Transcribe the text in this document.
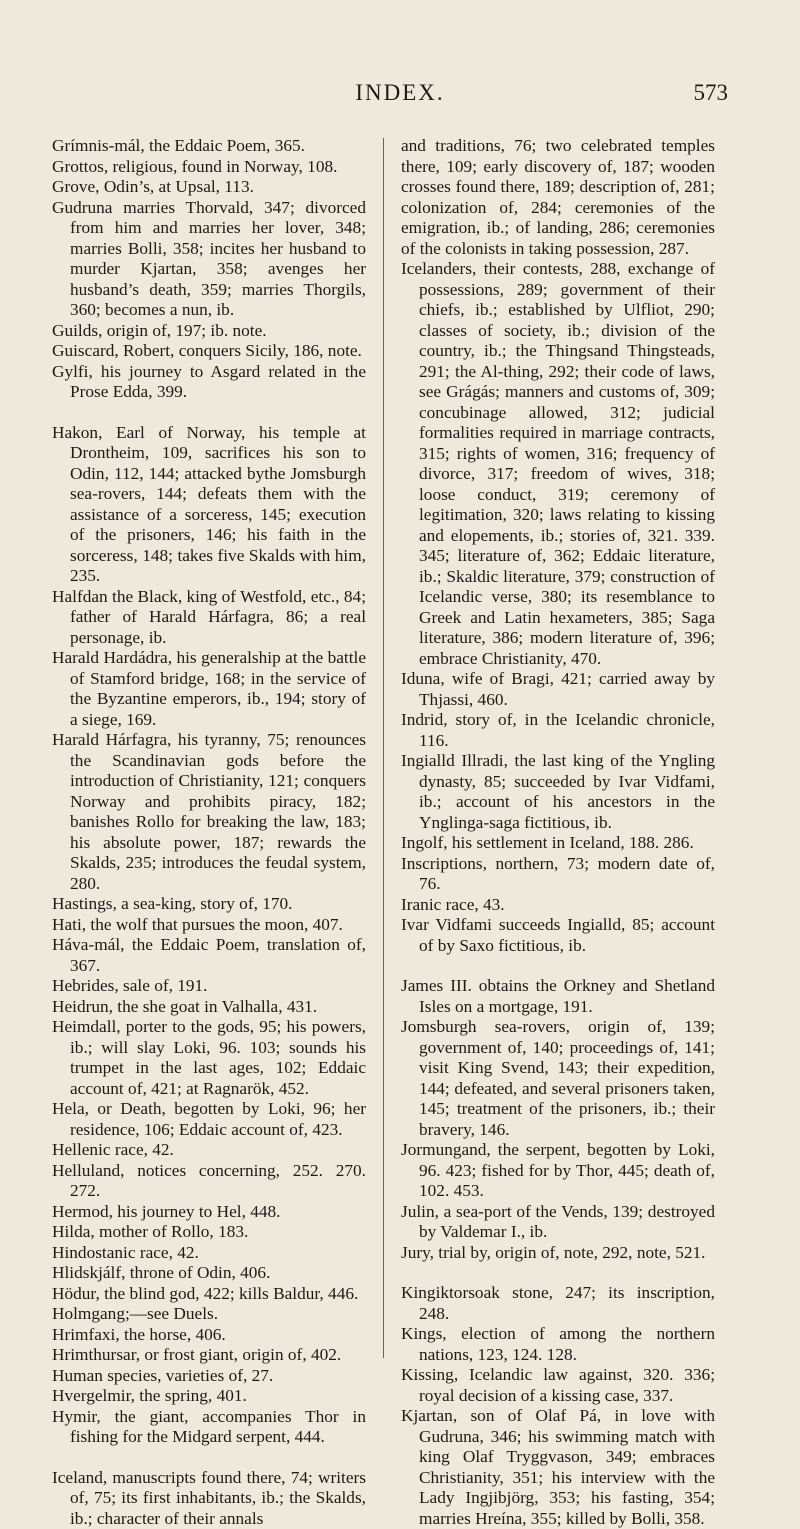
INDEX.	573

Grímnis-mál, the Eddaic Poem, 365.

Grottos, religious, found in Norway, 108.

Grove, Odin’s, at Upsal, 113.

Gudruna marries Thorvald, 347; divorced from him and marries her lover, 348; marries Bolli, 358; incites her husband to murder Kjartan, 358; avenges her husband’s death, 359; marries Thorgils, 360; becomes a nun, ib.

Guilds, origin of, 197; ib. note.

Guiscard, Robert, conquers Sicily, 186, note.

Gylfi, his journey to Asgard related in the Prose Edda, 399.

Hakon, Earl of Norway, his temple at Drontheim, 109, sacrifices his son to Odin, 112, 144; attacked bythe Jomsburgh sea-rovers, 144; defeats them with the assistance of a sorceress, 145; execution of the prisoners, 146; his faith in the sorceress, 148; takes five Skalds with him, 235.

Halfdan the Black, king of Westfold, etc., 84; father of Harald Hárfagra, 86; a real personage, ib.

Harald Hardádra, his generalship at the battle of Stamford bridge, 168; in the service of the Byzantine emperors, ib., 194; story of a siege, 169.

Harald Hárfagra, his tyranny, 75; renounces the Scandinavian gods before the introduction of Christianity, 121; conquers Norway and prohibits piracy, 182; banishes Rollo for breaking the law, 183; his absolute power, 187; rewards the Skalds, 235; introduces the feudal system, 280.

Hastings, a sea-king, story of, 170.

Hati, the wolf that pursues the moon, 407.

Háva-mál, the Eddaic Poem, translation of, 367.

Hebrides, sale of, 191.

Heidrun, the she goat in Valhalla, 431.

Heimdall, porter to the gods, 95; his powers, ib.; will slay Loki, 96. 103; sounds his trumpet in the last ages, 102; Eddaic account of, 421; at Ragnarök, 452.

Hela, or Death, begotten by Loki, 96; her residence, 106; Eddaic account of, 423.

Hellenic race, 42.

Helluland, notices concerning, 252. 270. 272.

Hermod, his journey to Hel, 448.

Hilda, mother of Rollo, 183.

Hindostanic race, 42.

Hlidskjálf, throne of Odin, 406.

Hödur, the blind god, 422; kills Baldur, 446.

Holmgang;—see Duels.

Hrimfaxi, the horse, 406.

Hrimthursar, or frost giant, origin of, 402.

Human species, varieties of, 27.

Hvergelmir, the spring, 401.

Hymir, the giant, accompanies Thor in fishing for the Midgard serpent, 444.

Iceland, manuscripts found there, 74; writers of, 75; its first inhabitants, ib.; the Skalds, ib.; character of their annals

and traditions, 76; two celebrated temples there, 109; early discovery of, 187; wooden crosses found there, 189; description of, 281; colonization of, 284; ceremonies of the emigration, ib.; of landing, 286; ceremonies of the colonists in taking possession, 287.

Icelanders, their contests, 288, exchange of possessions, 289; government of their chiefs, ib.; established by Ulfliot, 290; classes of society, ib.; division of the country, ib.; the Thingsand Thingsteads, 291; the Al-thing, 292; their code of laws, see Grágás; manners and customs of, 309; concubinage allowed, 312; judicial formalities required in marriage contracts, 315; rights of women, 316; frequency of divorce, 317; freedom of wives, 318; loose conduct, 319; ceremony of legitimation, 320; laws relating to kissing and elopements, ib.; stories of, 321. 339. 345; literature of, 362; Eddaic literature, ib.; Skaldic literature, 379; construction of Icelandic verse, 380; its resemblance to Greek and Latin hexameters, 385; Saga literature, 386; modern literature of, 396; embrace Christianity, 470.

Iduna, wife of Bragi, 421; carried away by Thjassi, 460.

Indrid, story of, in the Icelandic chronicle, 116.

Ingialld Illradi, the last king of the Yngling dynasty, 85; succeeded by Ivar Vidfami, ib.; account of his ancestors in the Ynglinga-saga fictitious, ib.

Ingolf, his settlement in Iceland, 188. 286.

Inscriptions, northern, 73; modern date of, 76.

Iranic race, 43.

Ivar Vidfami succeeds Ingialld, 85; account of by Saxo fictitious, ib.

James III. obtains the Orkney and Shetland Isles on a mortgage, 191.

Jomsburgh sea-rovers, origin of, 139; government of, 140; proceedings of, 141; visit King Svend, 143; their expedition, 144; defeated, and several prisoners taken, 145; treatment of the prisoners, ib.; their bravery, 146.

Jormungand, the serpent, begotten by Loki, 96. 423; fished for by Thor, 445; death of, 102. 453.

Julin, a sea-port of the Vends, 139; destroyed by Valdemar I., ib.

Jury, trial by, origin of, note, 292, note, 521.

Kingiktorsoak stone, 247; its inscription, 248.

Kings, election of among the northern nations, 123, 124. 128.

Kissing, Icelandic law against, 320. 336; royal decision of a kissing case, 337.

Kjartan, son of Olaf Pá, in love with Gudruna, 346; his swimming match with king Olaf Tryggvason, 349; embraces Christianity, 351; his interview with the Lady Ingjibjörg, 353; his fasting, 354; marries Hreína, 355; killed by Bolli, 358.
